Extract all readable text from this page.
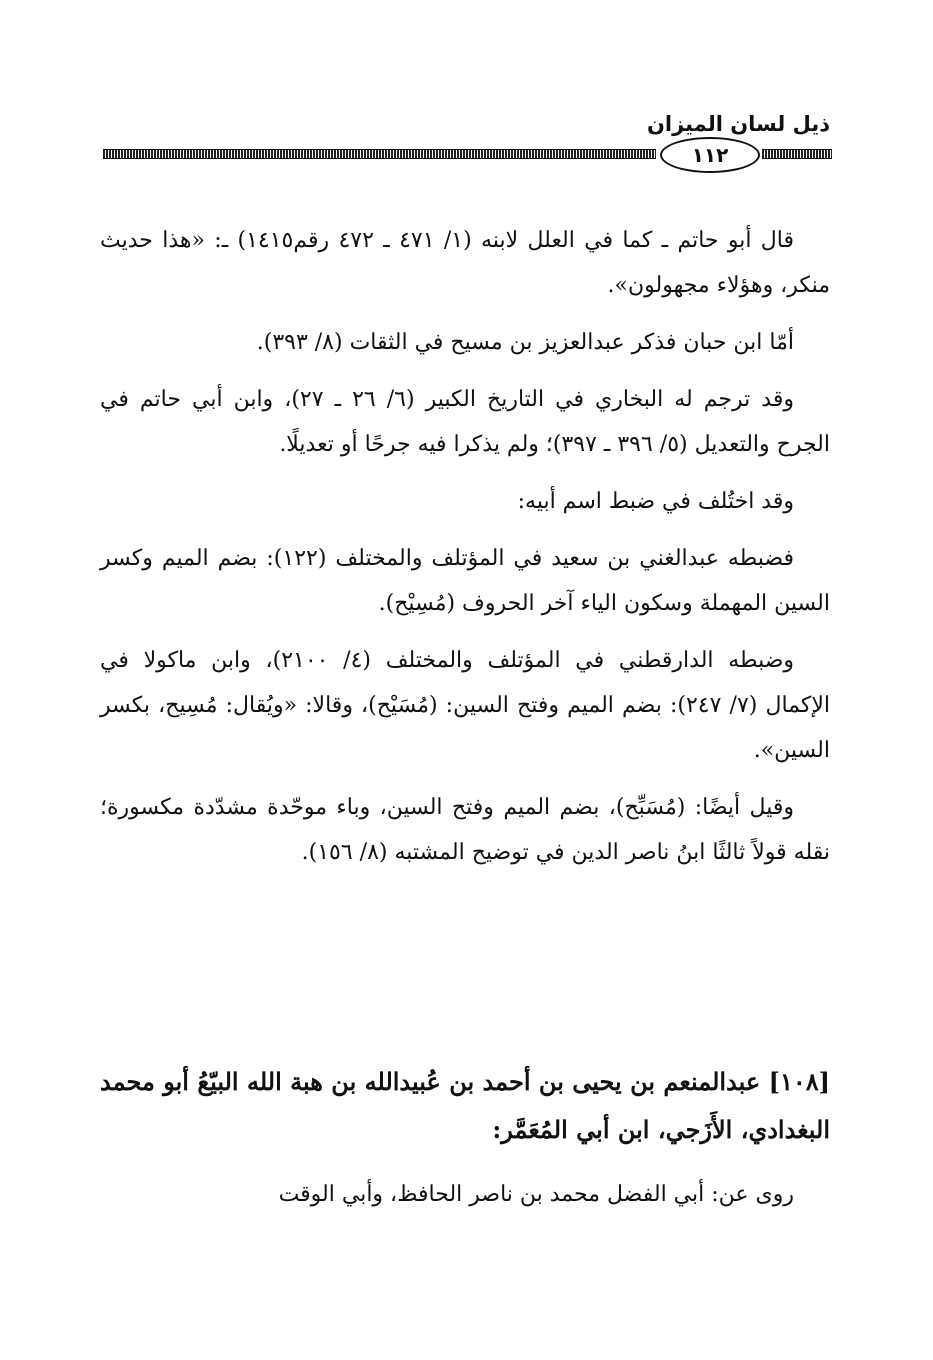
ذيل لسان الميزان
١١٢

قال أبو حاتم ـ كما في العلل لابنه (١/ ٤٧١ ـ ٤٧٢ رقم١٤١٥) ـ: «هذا حديث منكر، وهؤلاء مجهولون».

أمّا ابن حبان فذكر عبدالعزيز بن مسيح في الثقات (٨/ ٣٩٣).

وقد ترجم له البخاري في التاريخ الكبير (٦/ ٢٦ ـ ٢٧)، وابن أبي حاتم في الجرح والتعديل (٥/ ٣٩٦ ـ ٣٩٧)؛ ولم يذكرا فيه جرحًا أو تعديلًا.

وقد اختُلف في ضبط اسم أبيه:

فضبطه عبدالغني بن سعيد في المؤتلف والمختلف (١٢٢): بضم الميم وكسر السين المهملة وسكون الياء آخر الحروف (مُسِيْح).

وضبطه الدارقطني في المؤتلف والمختلف (٤/ ٢١٠٠)، وابن ماكولا في الإكمال (٧/ ٢٤٧): بضم الميم وفتح السين: (مُسَيْح)، وقالا: «ويُقال: مُسِيح، بكسر السين».

وقيل أيضًا: (مُسَبِّح)، بضم الميم وفتح السين، وباء موحّدة مشدّدة مكسورة؛ نقله قولاً ثالثًا ابنُ ناصر الدين في توضيح المشتبه (٨/ ١٥٦).

[١٠٨] عبدالمنعم بن يحيى بن أحمد بن عُبيدالله بن هبة الله البيّعُ أبو محمد البغدادي، الأَزَجي، ابن أبي المُعَمَّر:

روى عن: أبي الفضل محمد بن ناصر الحافظ، وأبي الوقت
